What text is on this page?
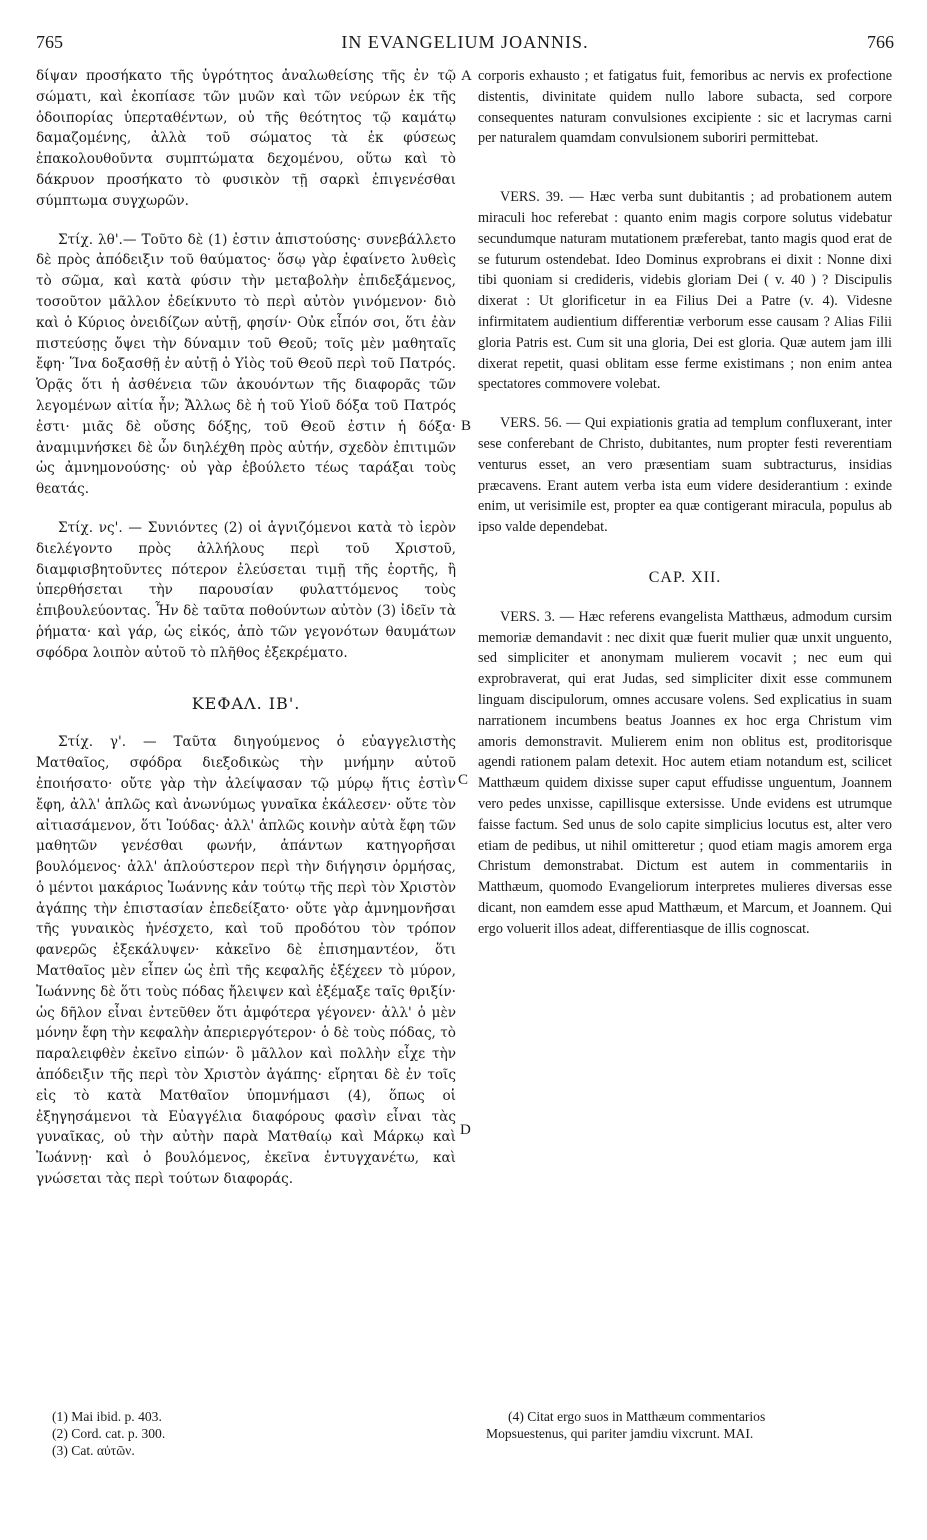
765	IN EVANGELIUM JOANNIS.	766

δίψαν προσήκατο τῆς ὑγρότητος ἀναλωθείσης τῆς ἐν τῷ σώματι, καὶ ἐκοπίασε τῶν μυῶν καὶ τῶν νεύρων ἐκ τῆς ὁδοιπορίας ὑπερταθέντων, οὐ τῆς θεότητος τῷ καμάτῳ δαμαζομένης, ἀλλὰ τοῦ σώματος τὰ ἐκ φύσεως ἐπακολουθοῦντα συμπτώματα δεχομένου, οὕτω καὶ τὸ δάκρυον προσήκατο τὸ φυσικὸν τῇ σαρκὶ ἐπιγενέσθαι σύμπτωμα συγχωρῶν.

Στίχ. λθ'.— Τοῦτο δὲ (1) ἐστιν ἀπιστούσης· συνεβάλλετο δὲ πρὸς ἀπόδειξιν τοῦ θαύματος· ὅσῳ γὰρ ἐφαίνετο λυθεὶς τὸ σῶμα, καὶ κατὰ φύσιν τὴν μεταβολὴν ἐπιδεξάμενος, τοσοῦτον μᾶλλον ἐδείκνυτο τὸ περὶ αὐτὸν γινόμενον· διὸ καὶ ὁ Κύριος ὀνειδίζων αὐτῇ, φησίν· Οὐκ εἶπόν σοι, ὅτι ἐὰν πιστεύσῃς ὄψει τὴν δύναμιν τοῦ Θεοῦ; τοῖς μὲν μαθηταῖς ἔφη· Ἵνα δοξασθῇ ἐν αὐτῇ ὁ Υἱὸς τοῦ Θεοῦ περὶ τοῦ Πατρός. Ὁρᾷς ὅτι ἡ ἀσθένεια τῶν ἀκουόντων τῆς διαφορᾶς τῶν λεγομένων αἰτία ἦν; Ἄλλως δὲ ἡ τοῦ Υἱοῦ δόξα τοῦ Πατρός ἐστι· μιᾶς δὲ οὔσης δόξης, τοῦ Θεοῦ ἐστιν ἡ δόξα· ἀναμιμνήσκει δὲ ὧν διηλέχθη πρὸς αὐτήν, σχεδὸν ἐπιτιμῶν ὡς ἀμνημονούσης· οὐ γὰρ ἐβούλετο τέως ταράξαι τοὺς θεατάς.

Στίχ. νς'. — Συνιόντες (2) οἱ ἁγνιζόμενοι κατὰ τὸ ἱερὸν διελέγοντο πρὸς ἀλλήλους περὶ τοῦ Χριστοῦ, διαμφισβητοῦντες πότερον ἐλεύσεται τιμῇ τῆς ἑορτῆς, ἢ ὑπερθήσεται τὴν παρουσίαν φυλαττόμενος τοὺς ἐπιβουλεύοντας. Ἦν δὲ ταῦτα ποθούντων αὐτὸν (3) ἰδεῖν τὰ ῥήματα· καὶ γάρ, ὡς εἰκός, ἀπὸ τῶν γεγονότων θαυμάτων σφόδρα λοιπὸν αὐτοῦ τὸ πλῆθος ἐξεκρέματο.

ΚΕΦΑΛ. ΙΒ'.

Στίχ. γ'. — Ταῦτα διηγούμενος ὁ εὐαγγελιστὴς Ματθαῖος, σφόδρα διεξοδικὼς τὴν μνήμην αὐτοῦ ἐποιήσατο· οὔτε γὰρ τὴν ἀλείψασαν τῷ μύρῳ ἥτις ἐστὶν ἔφη, ἀλλ' ἁπλῶς καὶ ἀνωνύμως γυναῖκα ἐκάλεσεν· οὔτε τὸν αἰτιασάμενον, ὅτι Ἰούδας· ἀλλ' ἁπλῶς κοινὴν αὐτὰ ἔφη τῶν μαθητῶν γενέσθαι φωνήν, ἁπάντων κατηγορῆσαι βουλόμενος· ἀλλ' ἁπλούστερον περὶ τὴν διήγησιν ὁρμήσας, ὁ μέντοι μακάριος Ἰωάννης κἀν τούτῳ τῆς περὶ τὸν Χριστὸν ἀγάπης τὴν ἐπιστασίαν ἐπεδείξατο· οὔτε γὰρ ἀμνημονῆσαι τῆς γυναικὸς ἠνέσχετο, καὶ τοῦ προδότου τὸν τρόπον φανερῶς ἐξεκάλυψεν· κἀκεῖνο δὲ ἐπισημαντέον, ὅτι Ματθαῖος μὲν εἶπεν ὡς ἐπὶ τῆς κεφαλῆς ἐξέχεεν τὸ μύρον, Ἰωάννης δὲ ὅτι τοὺς πόδας ἤλειψεν καὶ ἐξέμαξε ταῖς θριξίν· ὡς δῆλον εἶναι ἐντεῦθεν ὅτι ἀμφότερα γέγονεν· ἀλλ' ὁ μὲν μόνην ἔφη τὴν κεφαλὴν ἀπεριεργότερον· ὁ δὲ τοὺς πόδας, τὸ παραλειφθὲν ἐκεῖνο εἰπών· ὃ μᾶλλον καὶ πολλὴν εἶχε τὴν ἀπόδειξιν τῆς περὶ τὸν Χριστὸν ἀγάπης· εἴρηται δὲ ἐν τοῖς εἰς τὸ κατὰ Ματθαῖον ὑπομνήμασι (4), ὅπως οἱ ἐξηγησάμενοι τὰ Εὐαγγέλια διαφόρους φασὶν εἶναι τὰς γυναῖκας, οὐ τὴν αὐτὴν παρὰ Ματθαίῳ καὶ Μάρκῳ καὶ Ἰωάννῃ· καὶ ὁ βουλόμενος, ἐκεῖνα ἐντυγχανέτω, καὶ γνώσεται τὰς περὶ τούτων διαφοράς.

corporis exhausto ; et fatigatus fuit, femoribus ac nervis ex profectione distentis, divinitate quidem nullo labore subacta, sed corpore consequentes naturam convulsiones excipiente : sic et lacrymas carni per naturalem quamdam convulsionem suboriri permittebat.

VERS. 39. — Hæc verba sunt dubitantis ; ad probationem autem miraculi hoc referebat : quanto enim magis corpore solutus videbatur secundumque naturam mutationem præferebat, tanto magis quod erat de se futurum ostendebat. Ideo Dominus exprobrans ei dixit : Nonne dixi tibi quoniam si credideris, videbis gloriam Dei ( v. 40 ) ? Discipulis dixerat : Ut glorificetur in ea Filius Dei a Patre (v. 4). Videsne infirmitatem audientium differentiæ verborum esse causam ? Alias Filii gloria Patris est. Cum sit una gloria, Dei est gloria. Quæ autem jam illi dixerat repetit, quasi oblitam esse ferme existimans ; non enim antea spectatores commovere volebat.

VERS. 56. — Qui expiationis gratia ad templum confluxerant, inter sese conferebant de Christo, dubitantes, num propter festi reverentiam venturus esset, an vero præsentiam suam subtracturus, insidias præcavens. Erant autem verba ista eum videre desiderantium : exinde enim, ut verisimile est, propter ea quæ contigerant miracula, populus ab ipso valde dependebat.

CAP. XII.

VERS. 3. — Hæc referens evangelista Matthæus, admodum cursim memoriæ demandavit : nec dixit quæ fuerit mulier quæ unxit unguento, sed simpliciter et anonymam mulierem vocavit ; nec eum qui exprobraverat, qui erat Judas, sed simpliciter dixit esse communem linguam discipulorum, omnes accusare volens. Sed explicatius in suam narrationem incumbens beatus Joannes ex hoc erga Christum vim amoris demonstravit. Mulierem enim non oblitus est, proditorisque agendi rationem palam detexit. Hoc autem etiam notandum est, scilicet Matthæum quidem dixisse super caput effudisse unguentum, Joannem vero pedes unxisse, capillisque extersisse. Unde evidens est utrumque faisse factum. Sed unus de solo capite simplicius locutus est, alter vero etiam de pedibus, ut nihil omitteretur ; quod etiam magis amorem erga Christum demonstrabat. Dictum est autem in commentariis in Matthæum, quomodo Evangeliorum interpretes mulieres diversas esse dicant, non eamdem esse apud Matthæum, et Marcum, et Joannem. Qui ergo voluerit illos adeat, differentiasque de illis cognoscat.

A
B
C
D
(1) Mai ibid. p. 403.
(2) Cord. cat. p. 300.
(3) Cat. αὐτῶν.
(4) Citat ergo suos in Matthæum commentarios
Mopsuestenus, qui pariter jamdiu vixcrunt. MAI.
